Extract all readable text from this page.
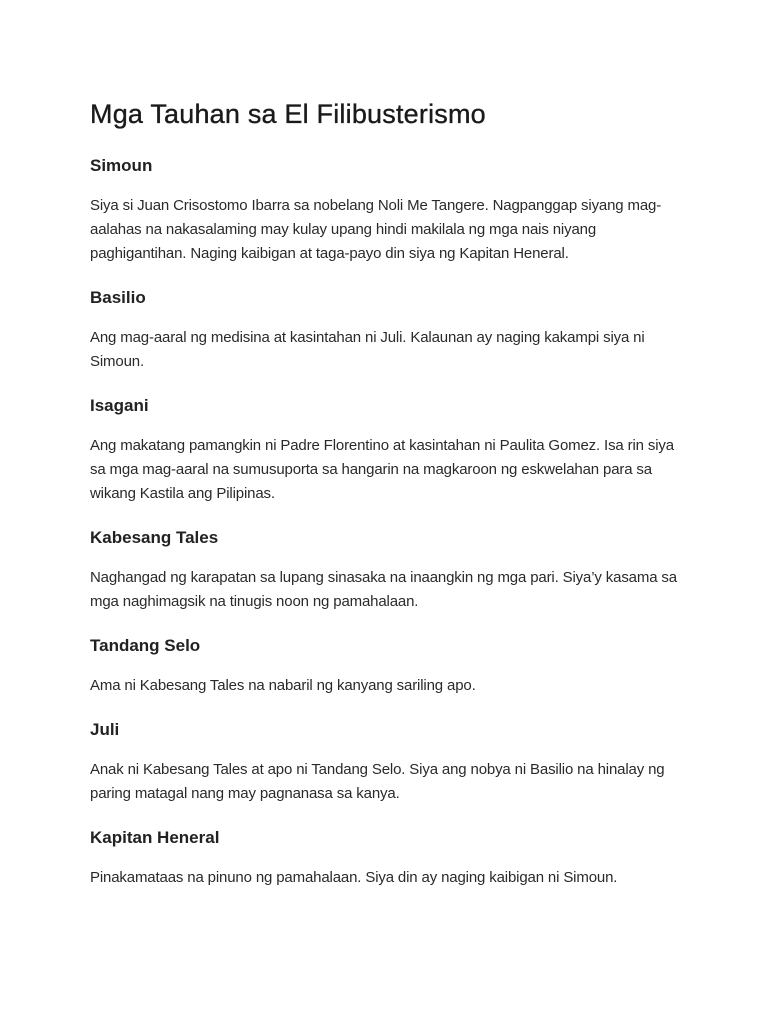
Mga Tauhan sa El Filibusterismo
Simoun

Siya si Juan Crisostomo Ibarra sa nobelang Noli Me Tangere. Nagpanggap siyang mag-aalahas na nakasalaming may kulay upang hindi makilala ng mga nais niyang paghigantihan. Naging kaibigan at taga-payo din siya ng Kapitan Heneral.

Basilio

Ang mag-aaral ng medisina at kasintahan ni Juli. Kalaunan ay naging kakampi siya ni Simoun.

Isagani

Ang makatang pamangkin ni Padre Florentino at kasintahan ni Paulita Gomez. Isa rin siya sa mga mag-aaral na sumusuporta sa hangarin na magkaroon ng eskwelahan para sa wikang Kastila ang Pilipinas.

Kabesang Tales

Naghangad ng karapatan sa lupang sinasaka na inaangkin ng mga pari. Siya’y kasama sa mga naghimagsik na tinugis noon ng pamahalaan.

Tandang Selo

Ama ni Kabesang Tales na nabaril ng kanyang sariling apo.

Juli

Anak ni Kabesang Tales at apo ni Tandang Selo. Siya ang nobya ni Basilio na hinalay ng paring matagal nang may pagnanasa sa kanya.

Kapitan Heneral

Pinakamataas na pinuno ng pamahalaan. Siya din ay naging kaibigan ni Simoun.
